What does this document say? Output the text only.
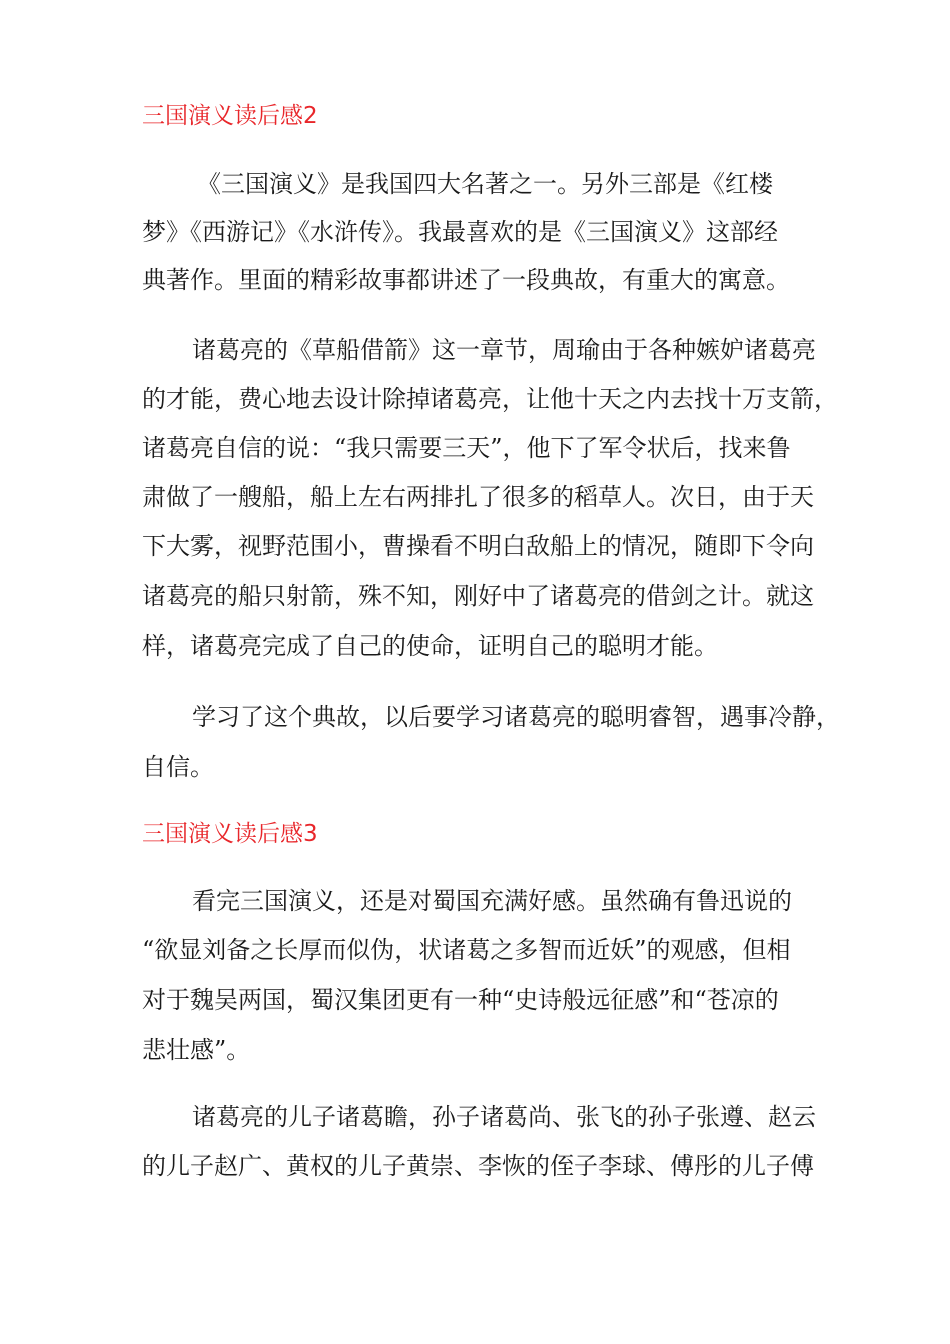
三国演义读后感2

《三国演义》是我国四大名著之一。另外三部是《红楼

梦》《西游记》《水浒传》。我最喜欢的是《三国演义》这部经

典著作。里面的精彩故事都讲述了一段典故，有重大的寓意。

诸葛亮的《草船借箭》这一章节，周瑜由于各种嫉妒诸葛亮

的才能，费心地去设计除掉诸葛亮，让他十天之内去找十万支箭，

诸葛亮自信的说：“我只需要三天”，他下了军令状后，找来鲁

肃做了一艘船，船上左右两排扎了很多的稻草人。次日，由于天

下大雾，视野范围小，曹操看不明白敌船上的情况，随即下令向

诸葛亮的船只射箭，殊不知，刚好中了诸葛亮的借剑之计。就这

样，诸葛亮完成了自己的使命，证明自己的聪明才能。

学习了这个典故，以后要学习诸葛亮的聪明睿智，遇事冷静，

自信。

三国演义读后感3

看完三国演义，还是对蜀国充满好感。虽然确有鲁迅说的

“欲显刘备之长厚而似伪，状诸葛之多智而近妖”的观感，但相

对于魏吴两国，蜀汉集团更有一种“史诗般远征感”和“苍凉的

悲壮感”。

诸葛亮的儿子诸葛瞻，孙子诸葛尚、张飞的孙子张遵、赵云

的儿子赵广、黄权的儿子黄崇、李恢的侄子李球、傅彤的儿子傅
